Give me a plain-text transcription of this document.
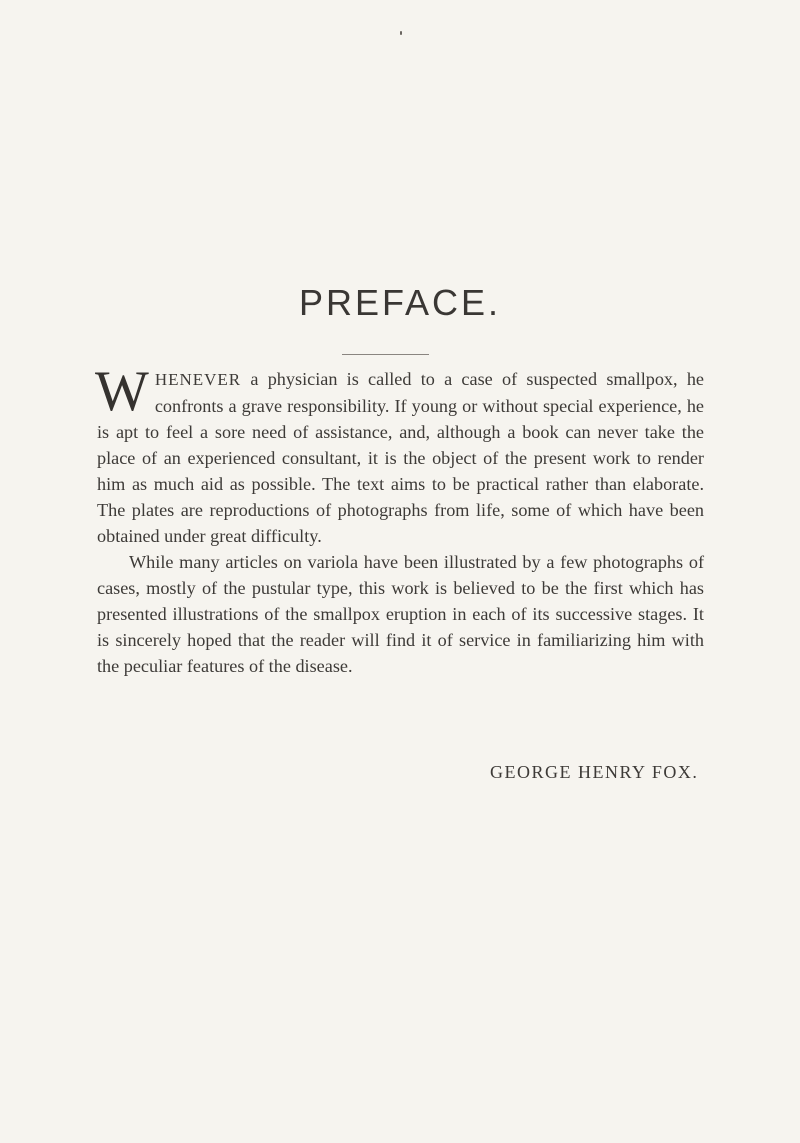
PREFACE.

WHENEVER a physician is called to a case of suspected smallpox, he confronts a grave responsibility. If young or without special experience, he is apt to feel a sore need of assistance, and, although a book can never take the place of an experienced consultant, it is the object of the present work to render him as much aid as possible. The text aims to be practical rather than elaborate. The plates are reproductions of photographs from life, some of which have been obtained under great difficulty.

While many articles on variola have been illustrated by a few photographs of cases, mostly of the pustular type, this work is believed to be the first which has presented illustrations of the smallpox eruption in each of its successive stages. It is sincerely hoped that the reader will find it of service in familiarizing him with the peculiar features of the disease.

GEORGE HENRY FOX.
